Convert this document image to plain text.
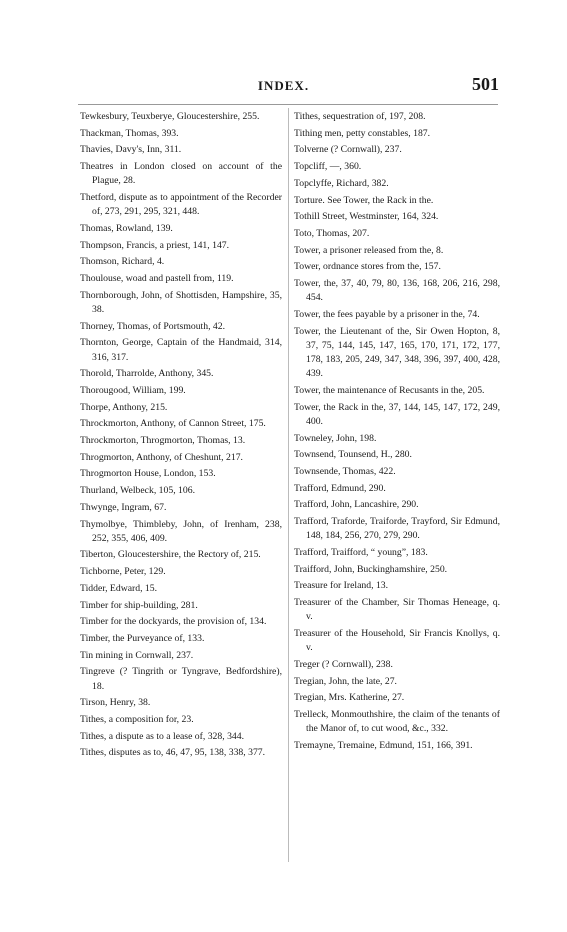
INDEX.	501
Tewkesbury, Teuxberye, Gloucestershire, 255.
Thackman, Thomas, 393.
Thavies, Davy's, Inn, 311.
Theatres in London closed on account of the Plague, 28.
Thetford, dispute as to appointment of the Recorder of, 273, 291, 295, 321, 448.
Thomas, Rowland, 139.
Thompson, Francis, a priest, 141, 147.
Thomson, Richard, 4.
Thoulouse, woad and pastell from, 119.
Thornborough, John, of Shottisden, Hampshire, 35, 38.
Thorney, Thomas, of Portsmouth, 42.
Thornton, George, Captain of the Handmaid, 314, 316, 317.
Thorold, Tharrolde, Anthony, 345.
Thorougood, William, 199.
Thorpe, Anthony, 215.
Throckmorton, Anthony, of Cannon Street, 175.
Throckmorton, Throgmorton, Thomas, 13.
Throgmorton, Anthony, of Cheshunt, 217.
Throgmorton House, London, 153.
Thurland, Welbeck, 105, 106.
Thwynge, Ingram, 67.
Thymolbye, Thimbleby, John, of Irenham, 238, 252, 355, 406, 409.
Tiberton, Gloucestershire, the Rectory of, 215.
Tichborne, Peter, 129.
Tidder, Edward, 15.
Timber for ship-building, 281.
Timber for the dockyards, the provision of, 134.
Timber, the Purveyance of, 133.
Tin mining in Cornwall, 237.
Tingreve (? Tingrith or Tyngrave, Bedfordshire), 18.
Tirson, Henry, 38.
Tithes, a composition for, 23.
Tithes, a dispute as to a lease of, 328, 344.
Tithes, disputes as to, 46, 47, 95, 138, 338, 377.
Tithes, sequestration of, 197, 208.
Tithing men, petty constables, 187.
Tolverne (? Cornwall), 237.
Topcliff, —, 360.
Topclyffe, Richard, 382.
Torture. See Tower, the Rack in the.
Tothill Street, Westminster, 164, 324.
Toto, Thomas, 207.
Tower, a prisoner released from the, 8.
Tower, ordnance stores from the, 157.
Tower, the, 37, 40, 79, 80, 136, 168, 206, 216, 298, 454.
Tower, the fees payable by a prisoner in the, 74.
Tower, the Lieutenant of the, Sir Owen Hopton, 8, 37, 75, 144, 145, 147, 165, 170, 171, 172, 177, 178, 183, 205, 249, 347, 348, 396, 397, 400, 428, 439.
Tower, the maintenance of Recusants in the, 205.
Tower, the Rack in the, 37, 144, 145, 147, 172, 249, 400.
Towneley, John, 198.
Townsend, Tounsend, H., 280.
Townsende, Thomas, 422.
Trafford, Edmund, 290.
Trafford, John, Lancashire, 290.
Trafford, Traforde, Traiforde, Trayford, Sir Edmund, 148, 184, 256, 270, 279, 290.
Trafford, Traifford, “ young”, 183.
Traifford, John, Buckinghamshire, 250.
Treasure for Ireland, 13.
Treasurer of the Chamber, Sir Thomas Heneage, q. v.
Treasurer of the Household, Sir Francis Knollys, q. v.
Treger (? Cornwall), 238.
Tregian, John, the late, 27.
Tregian, Mrs. Katherine, 27.
Trelleck, Monmouthshire, the claim of the tenants of the Manor of, to cut wood, &c., 332.
Tremayne, Tremaine, Edmund, 151, 166, 391.
